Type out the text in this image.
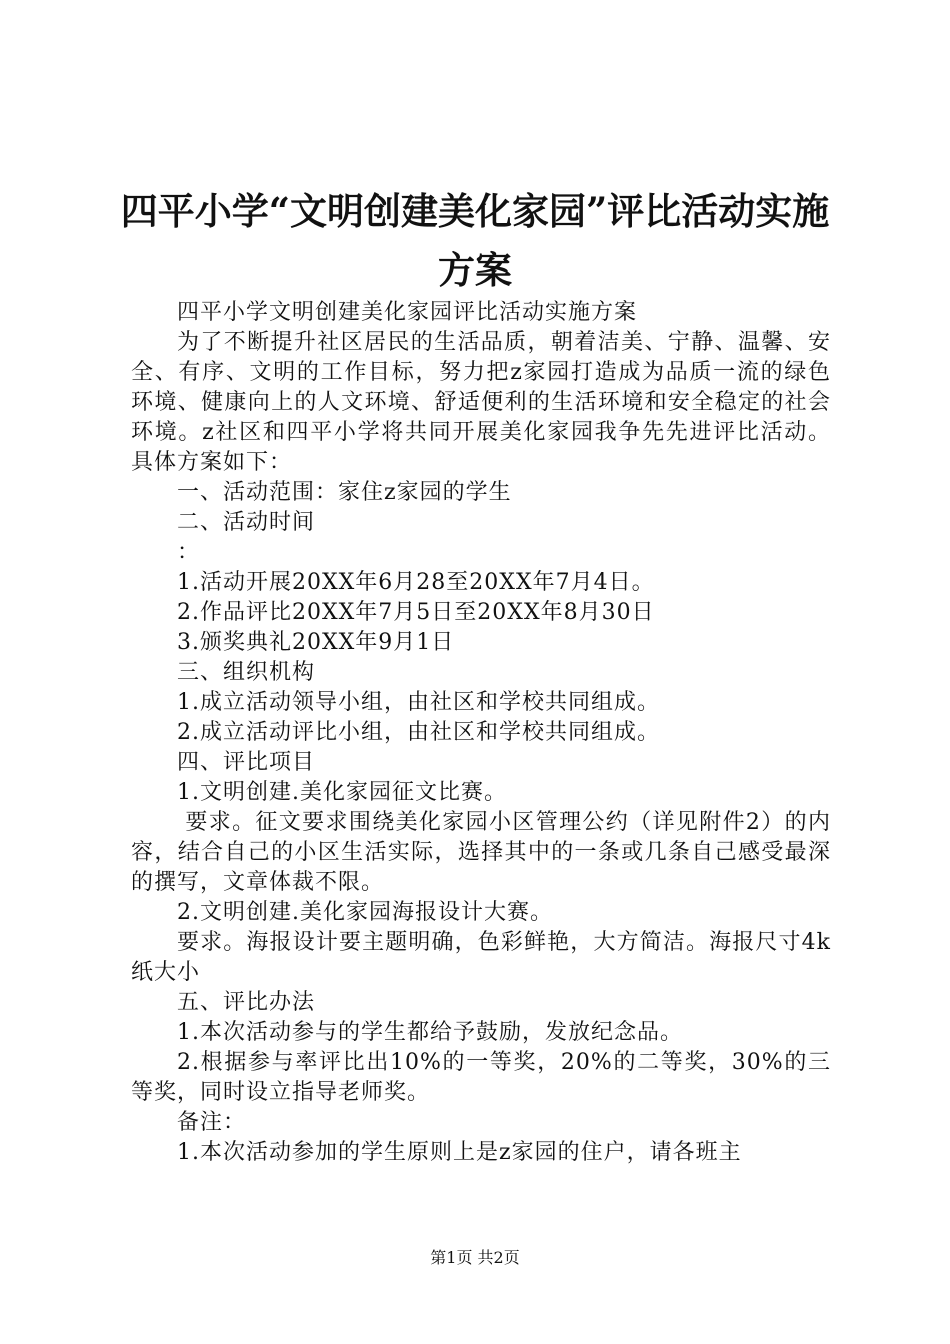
四平小学“文明创建美化家园”评比活动实施
方案

四平小学文明创建美化家园评比活动实施方案

为了不断提升社区居民的生活品质，朝着洁美、宁静、温馨、安全、有序、文明的工作目标，努力把z家园打造成为品质一流的绿色环境、健康向上的人文环境、舒适便利的生活环境和安全稳定的社会环境。z社区和四平小学将共同开展美化家园我争先先进评比活动。具体方案如下：

一、活动范围：家住z家园的学生

二、活动时间

：

1.活动开展20XX年6月28至20XX年7月4日。

2.作品评比20XX年7月5日至20XX年8月30日

3.颁奖典礼20XX年9月1日

三、组织机构

1.成立活动领导小组，由社区和学校共同组成。

2.成立活动评比小组，由社区和学校共同组成。

四、评比项目

1.文明创建.美化家园征文比赛。

要求。征文要求围绕美化家园小区管理公约（详见附件2）的内容，结合自己的小区生活实际，选择其中的一条或几条自己感受最深的撰写，文章体裁不限。

2.文明创建.美化家园海报设计大赛。

要求。海报设计要主题明确，色彩鲜艳，大方简洁。海报尺寸4k纸大小

五、评比办法

1.本次活动参与的学生都给予鼓励，发放纪念品。

2.根据参与率评比出10%的一等奖，20%的二等奖，30%的三等奖，同时设立指导老师奖。

备注：

1.本次活动参加的学生原则上是z家园的住户，请各班主

第1页 共2页
